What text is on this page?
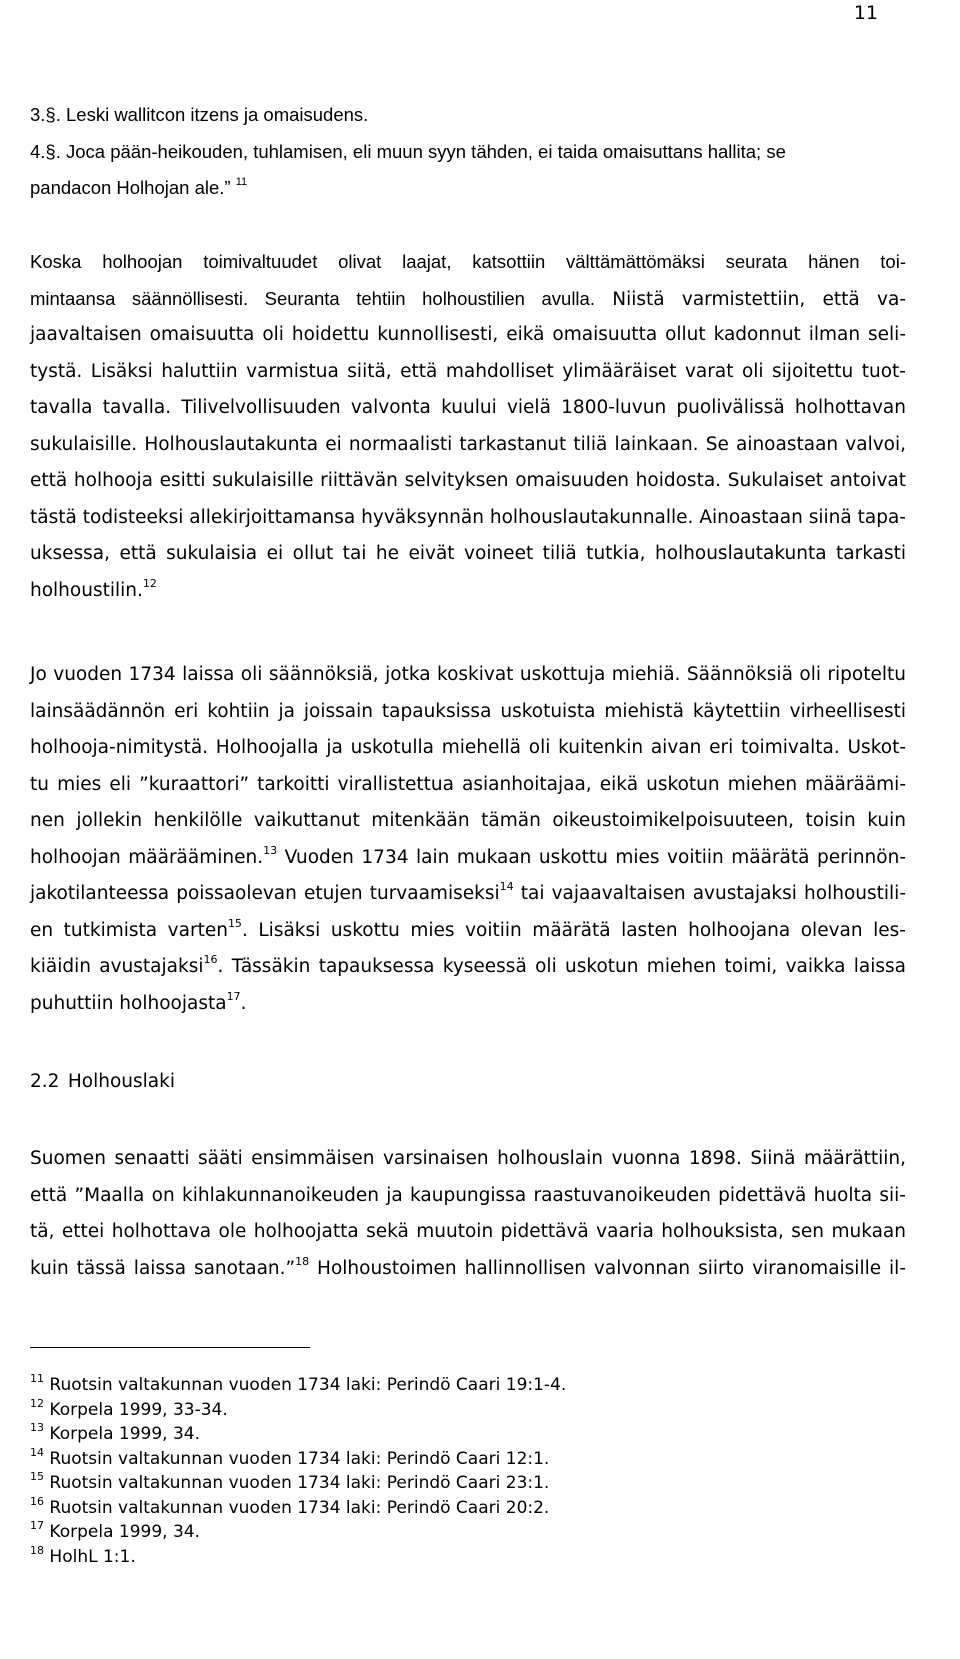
11
3.§. Leski wallitcon itzens ja omaisudens.
4.§. Joca pään-heikouden, tuhlamisen, eli muun syyn tähden, ei taida omaisuttans hallita; se
pandacon Holhojan ale.” $^{11}$
Koska holhoojan toimivaltuudet olivat laajat, katsottiin välttämättömäksi seurata hänen toi-
mintaansa säännöllisesti. Seuranta tehtiin holhoustilien avulla. Niistä varmistettiin, että va-
jaavaltaisen omaisuutta oli hoidettu kunnollisesti, eikä omaisuutta ollut kadonnut ilman seli-
tystä. Lisäksi haluttiin varmistua siitä, että mahdolliset ylimääräiset varat oli sijoitettu tuot-
tavalla tavalla. Tilivelvollisuuden valvonta kuului vielä 1800-luvun puolivälissä holhottavan
sukulaisille. Holhouslautakunta ei normaalisti tarkastanut tiliä lainkaan. Se ainoastaan valvoi,
että holhooja esitti sukulaisille riittävän selvityksen omaisuuden hoidosta. Sukulaiset antoivat
tästä todisteeksi allekirjoittamansa hyväksynnän holhouslautakunnalle. Ainoastaan siinä tapa-
uksessa, että sukulaisia ei ollut tai he eivät voineet tiliä tutkia, holhouslautakunta tarkasti
holhoustilin.$^{12}$
Jo vuoden 1734 laissa oli säännöksiä, jotka koskivat uskottuja miehiä. Säännöksiä oli ripoteltu
lainsäädännön eri kohtiin ja joissain tapauksissa uskotuista miehistä käytettiin virheellisesti
holhooja-nimitystä. Holhoojalla ja uskotulla miehellä oli kuitenkin aivan eri toimivalta. Uskot-
tu mies eli ”kuraattori” tarkoitti virallistettua asianhoitajaa, eikä uskotun miehen määräämi-
nen jollekin henkilölle vaikuttanut mitenkään tämän oikeustoimikelpoisuuteen, toisin kuin
holhoojan määrääminen.$^{13}$ Vuoden 1734 lain mukaan uskottu mies voitiin määrätä perinnön-
jakotilanteessa poissaolevan etujen turvaamiseksi$^{14}$ tai vajaavaltaisen avustajaksi holhoustili-
en tutkimista varten$^{15}$. Lisäksi uskottu mies voitiin määrätä lasten holhoojana olevan les-
kiäidin avustajaksi$^{16}$. Tässäkin tapauksessa kyseessä oli uskotun miehen toimi, vaikka laissa
puhuttiin holhoojasta$^{17}$.
2.2 Holhouslaki
Suomen senaatti sääti ensimmäisen varsinaisen holhouslain vuonna 1898. Siinä määrättiin,
että ”Maalla on kihlakunnanoikeuden ja kaupungissa raastuvanoikeuden pidettävä huolta sii-
tä, ettei holhottava ole holhoojatta sekä muutoin pidettävä vaaria holhouksista, sen mukaan
kuin tässä laissa sanotaan.”$^{18}$ Holhoustoimen hallinnollisen valvonnan siirto viranomaisille il-
$^{11}$ Ruotsin valtakunnan vuoden 1734 laki: Perindö Caari 19:1-4.
$^{12}$ Korpela 1999, 33-34.
$^{13}$ Korpela 1999, 34.
$^{14}$ Ruotsin valtakunnan vuoden 1734 laki: Perindö Caari 12:1.
$^{15}$ Ruotsin valtakunnan vuoden 1734 laki: Perindö Caari 23:1.
$^{16}$ Ruotsin valtakunnan vuoden 1734 laki: Perindö Caari 20:2.
$^{17}$ Korpela 1999, 34.
$^{18}$ HolhL 1:1.
